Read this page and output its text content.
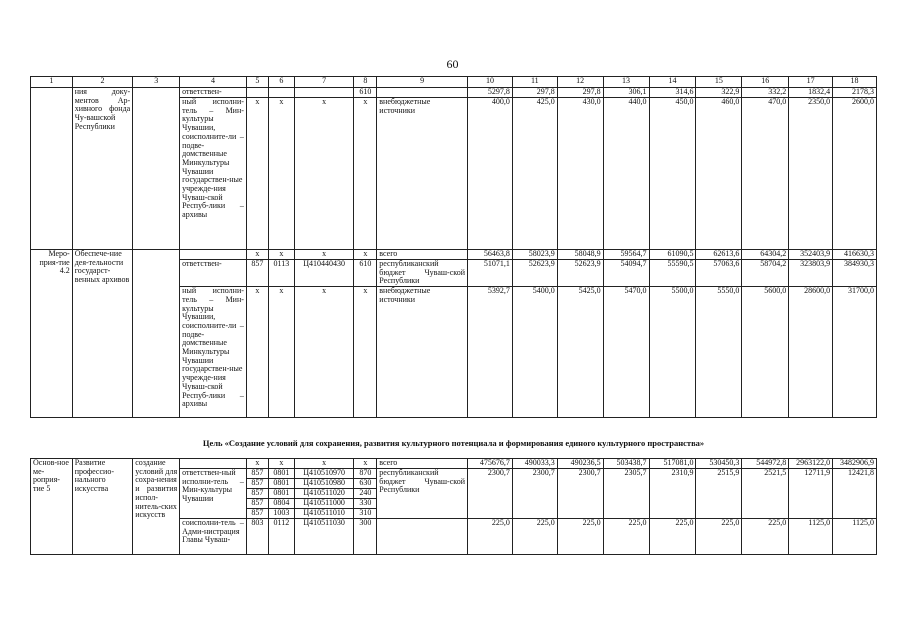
60
1	2	3	4	5	6	7	8	9	10	11	12	13	14	15	16	17	18
	ния доку-ментов Ар-хивного фонда Чу-вашской Республики		ответствен-				610		5297,8	297,8	297,8	306,1	314,6	322,9	332,2	1832,4	2178,3
			ный исполни-тель – Мин-культуры Чувашии, соисполните-ли – подве-домственные Минкультуры Чувашии государствен-ные учрежде-ния Чуваш-ской Респуб-лики – архивы	x	x	x	x	внебюджетные источники	400,0	425,0	430,0	440,0	450,0	460,0	470,0	2350,0	2600,0
Меро-прия-тие 4.2	Обеспече-ние дея-тельности государст-венных архивов			x	x	x	x	всего	56463,8	58023,9	58048,9	59564,7	61090,5	62613,6	64304,2	352403,9	416630,3
			ответствен-	857	0113	Ц410440430	610	республиканский бюджет Чуваш-ской Республики	51071,1	52623,9	52623,9	54094,7	55590,5	57063,6	58704,2	323803,9	384930,3
			ный исполни-тель – Мин-культуры Чувашии, соисполните-ли – подве-домственные Минкультуры Чувашии государствен-ные учрежде-ния Чуваш-ской Респуб-лики – архивы	x	x	x	x	внебюджетные источники	5392,7	5400,0	5425,0	5470,0	5500,0	5550,0	5600,0	28600,0	31700,0
Цель «Создание условий для сохранения, развития культурного потенциала и формирования единого культурного пространства»
Основ-ное ме-роприя-тие 5	Развитие профессио-нального искусства	создание условий для сохра-нения и развития испол-нитель-ских искусств		x	x	x	x	всего	475676,7	490033,3	490236,5	503438,7	517081,0	530450,3	544972,8	2963122,0	3482906,9
			ответствен-ный исполни-тель – Мин-культуры Чувашии	857	0801	Ц410510970	870	республиканский бюджет Чуваш-ской Республики	2300,7	2300,7	2300,7	2305,7	2310,9	2515,9	2521,5	12711,9	12421,8
				857	0801	Ц410510980	630										
				857	0801	Ц410511020	240										
				857	0804	Ц410511000	330										
				857	1003	Ц410511010	310										
			соисполни-тель – Адми-нистрация Главы Чуваш-	803	0112	Ц410511030	300		225,0	225,0	225,0	225,0	225,0	225,0	225,0	1125,0	1125,0
